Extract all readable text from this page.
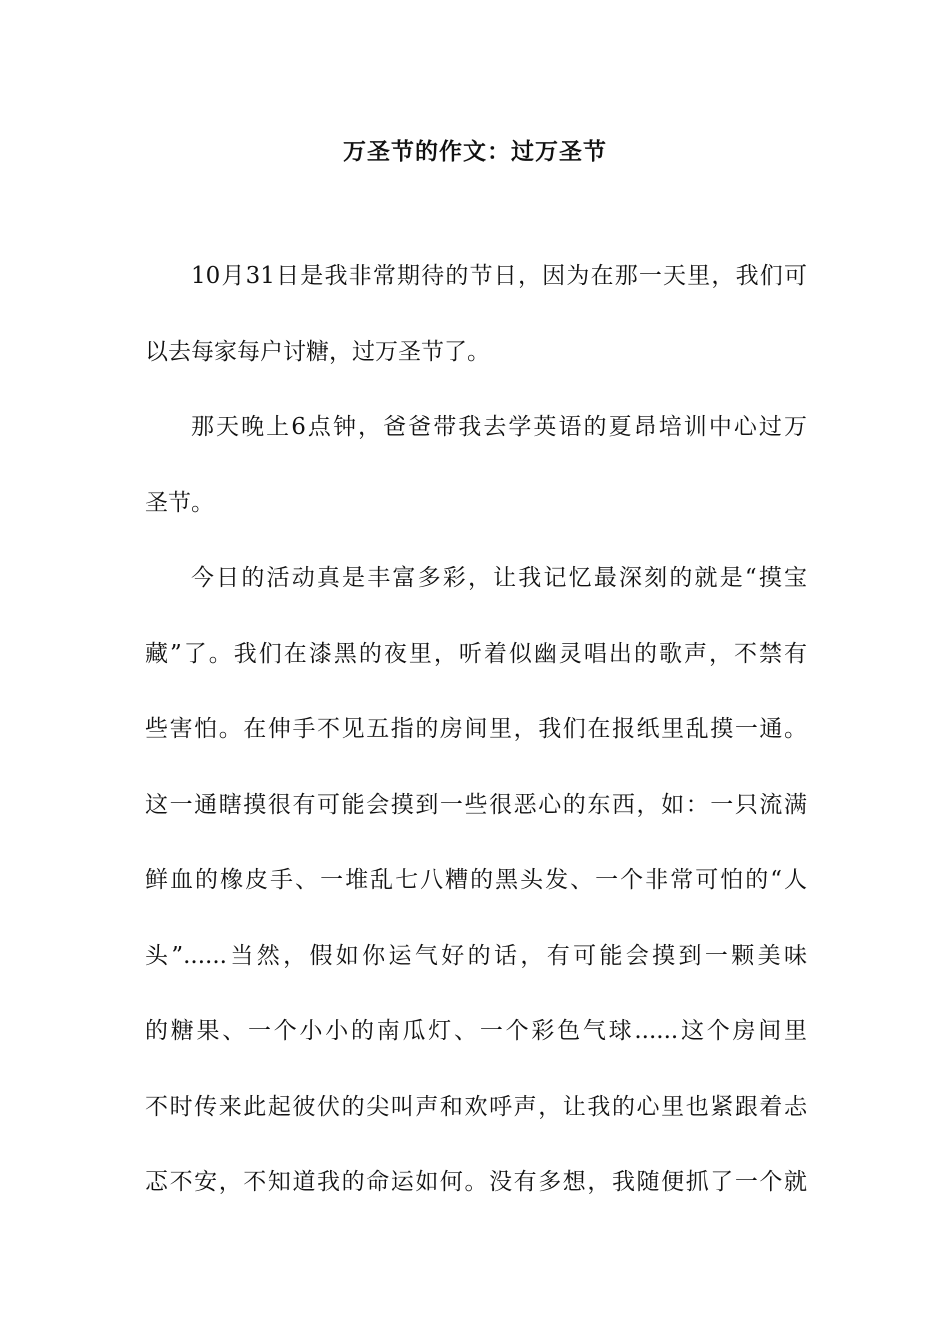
万圣节的作文：过万圣节
10月31日是我非常期待的节日，因为在那一天里，我们可
以去每家每户讨糖，过万圣节了。
那天晚上6点钟，爸爸带我去学英语的夏昂培训中心过万
圣节。
今日的活动真是丰富多彩，让我记忆最深刻的就是“摸宝
藏”了。我们在漆黑的夜里，听着似幽灵唱出的歌声，不禁有
些害怕。在伸手不见五指的房间里，我们在报纸里乱摸一通。
这一通瞎摸很有可能会摸到一些很恶心的东西，如：一只流满
鲜血的橡皮手、一堆乱七八糟的黑头发、一个非常可怕的“人
头”......当然，假如你运气好的话，有可能会摸到一颗美味
的糖果、一个小小的南瓜灯、一个彩色气球......这个房间里
不时传来此起彼伏的尖叫声和欢呼声，让我的心里也紧跟着忐
忑不安，不知道我的命运如何。没有多想，我随便抓了一个就
